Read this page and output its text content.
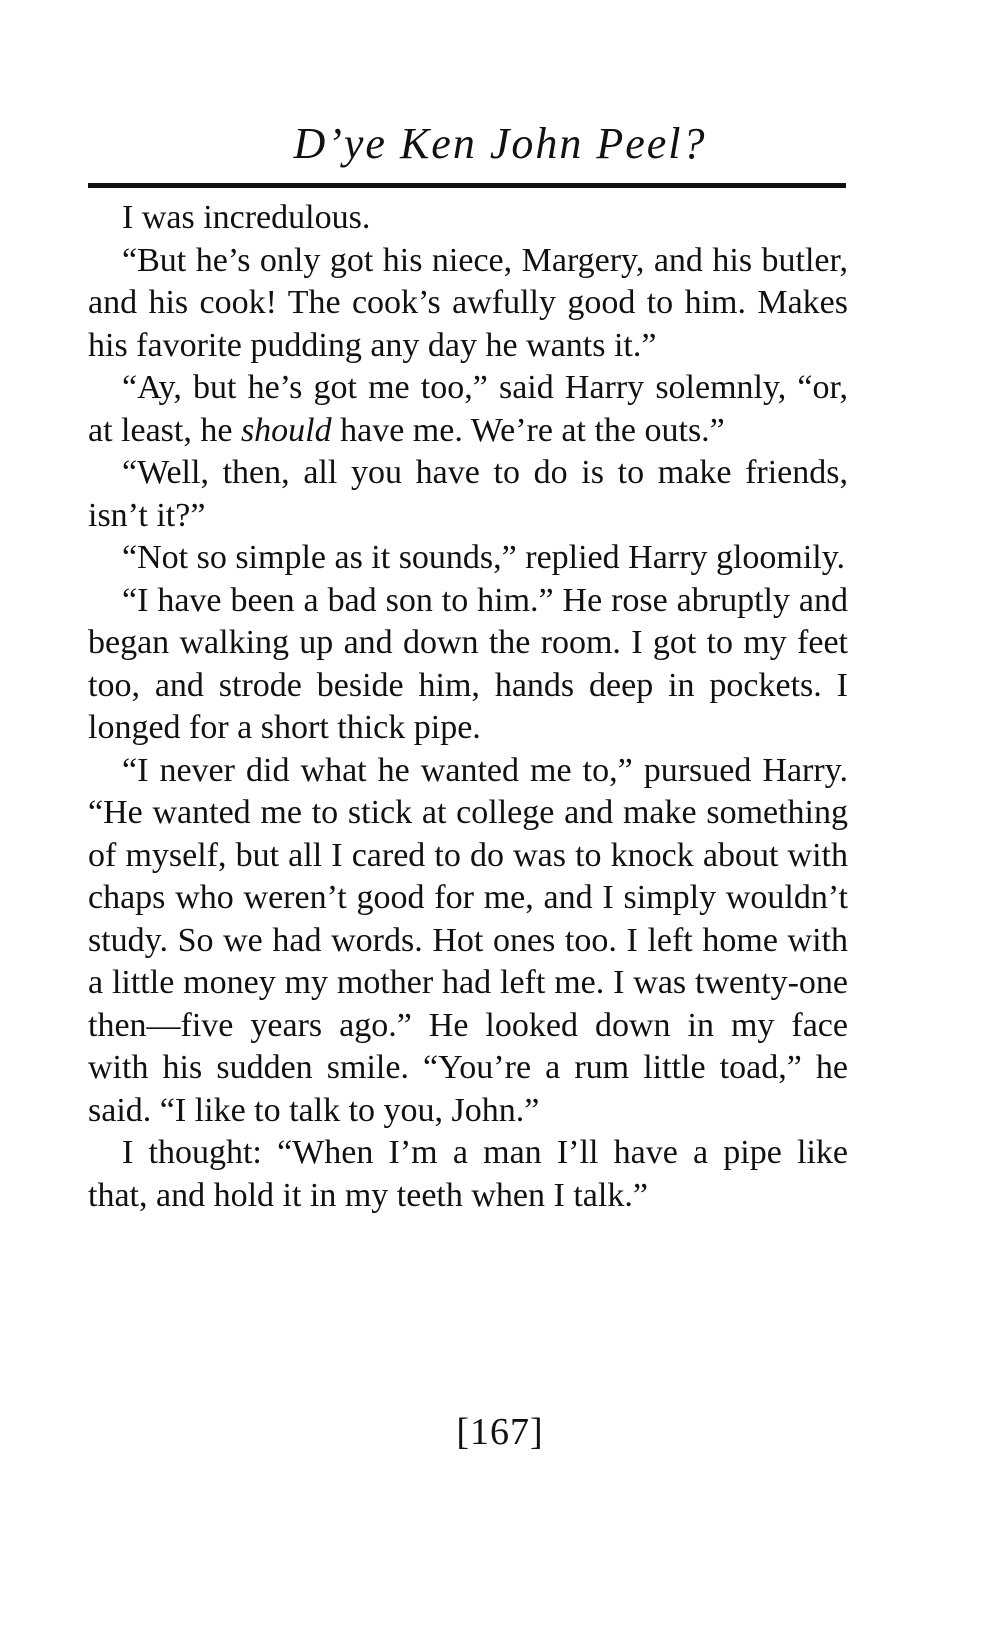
D’ye Ken John Peel?

I was incredulous.

“But he’s only got his niece, Margery, and his butler, and his cook! The cook’s awfully good to him. Makes his favorite pudding any day he wants it.”

“Ay, but he’s got me too,” said Harry solemnly, “or, at least, he should have me. We’re at the outs.”

“Well, then, all you have to do is to make friends, isn’t it?”

“Not so simple as it sounds,” replied Harry gloomily.

“I have been a bad son to him.” He rose abruptly and began walking up and down the room. I got to my feet too, and strode beside him, hands deep in pockets. I longed for a short thick pipe.

“I never did what he wanted me to,” pursued Harry. “He wanted me to stick at college and make something of myself, but all I cared to do was to knock about with chaps who weren’t good for me, and I simply wouldn’t study. So we had words. Hot ones too. I left home with a little money my mother had left me. I was twenty-one then—five years ago.” He looked down in my face with his sudden smile. “You’re a rum little toad,” he said. “I like to talk to you, John.”

I thought: “When I’m a man I’ll have a pipe like that, and hold it in my teeth when I talk.”

[167]
